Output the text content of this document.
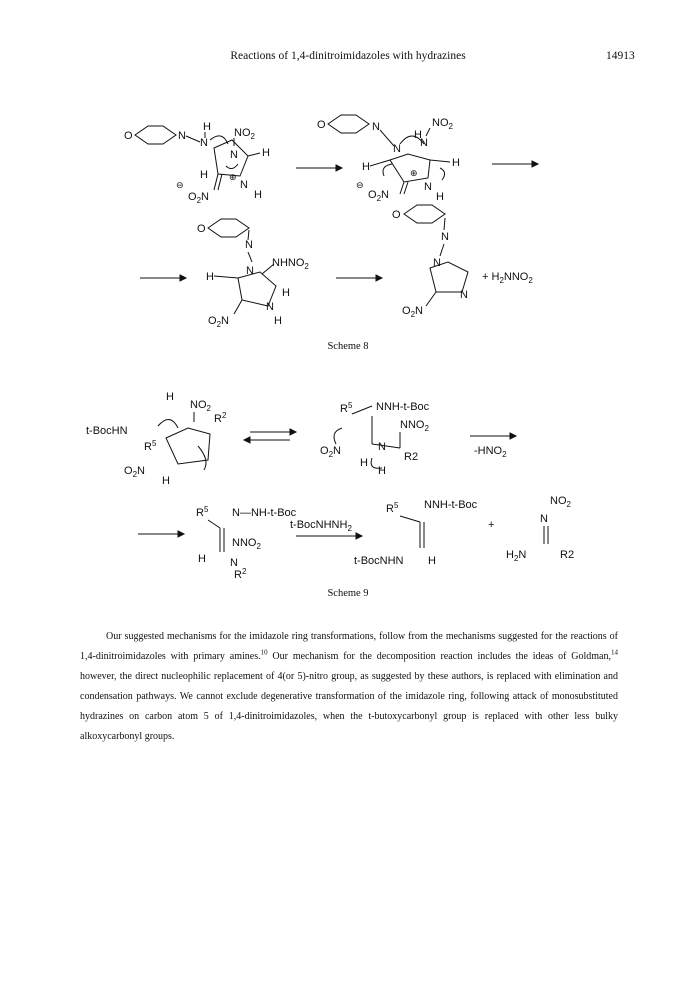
Reactions of 1,4-dinitroimidazoles with hydrazines	14913
O	N
N
H $NO_2$
N H
H ⊕
N
H
⊖
$O_2N$
O	N
N
H
N
$NO_2$
H	⊕
N
H
H
⊖
$O_2N$
O
N
N
$NHNO_2$
H
H
N
H
$O_2N$
O
N
N
N
$O_2N$
+ $H_2NNO_2$
Scheme 8
t-BocHN
H
$NO_2$
$R^2$
$R^5$
$O_2N$
H
$R^5$ NNH-t-Boc
$NNO_2$
$O_2N$	N
R2
H
H
$-HNO_2$
$R^5$ N—NH-t-Boc
$NNO_2$
H N
$R^2$
t-BocNHNH$_2$
$R^5$ NNH-t-Boc
t-BocNHN H
+
$NO_2$
N
$H_2N$	R2
Scheme 9

Our suggested mechanisms for the imidazole ring transformations, follow from the mechanisms suggested for the reactions of 1,4-dinitroimidazoles with primary amines.$^{10}$ Our mechanism for the decomposition reaction includes the ideas of Goldman,$^{14}$ however, the direct nucleophilic replacement of 4(or 5)-nitro group, as suggested by these authors, is replaced with elimination and condensation pathways. We cannot exclude degenerative transformation of the imidazole ring, following attack of monosubstituted hydrazines on carbon atom 5 of 1,4-dinitroimidazoles, when the t-butoxycarbonyl group is replaced with other less bulky alkoxycarbonyl groups.
